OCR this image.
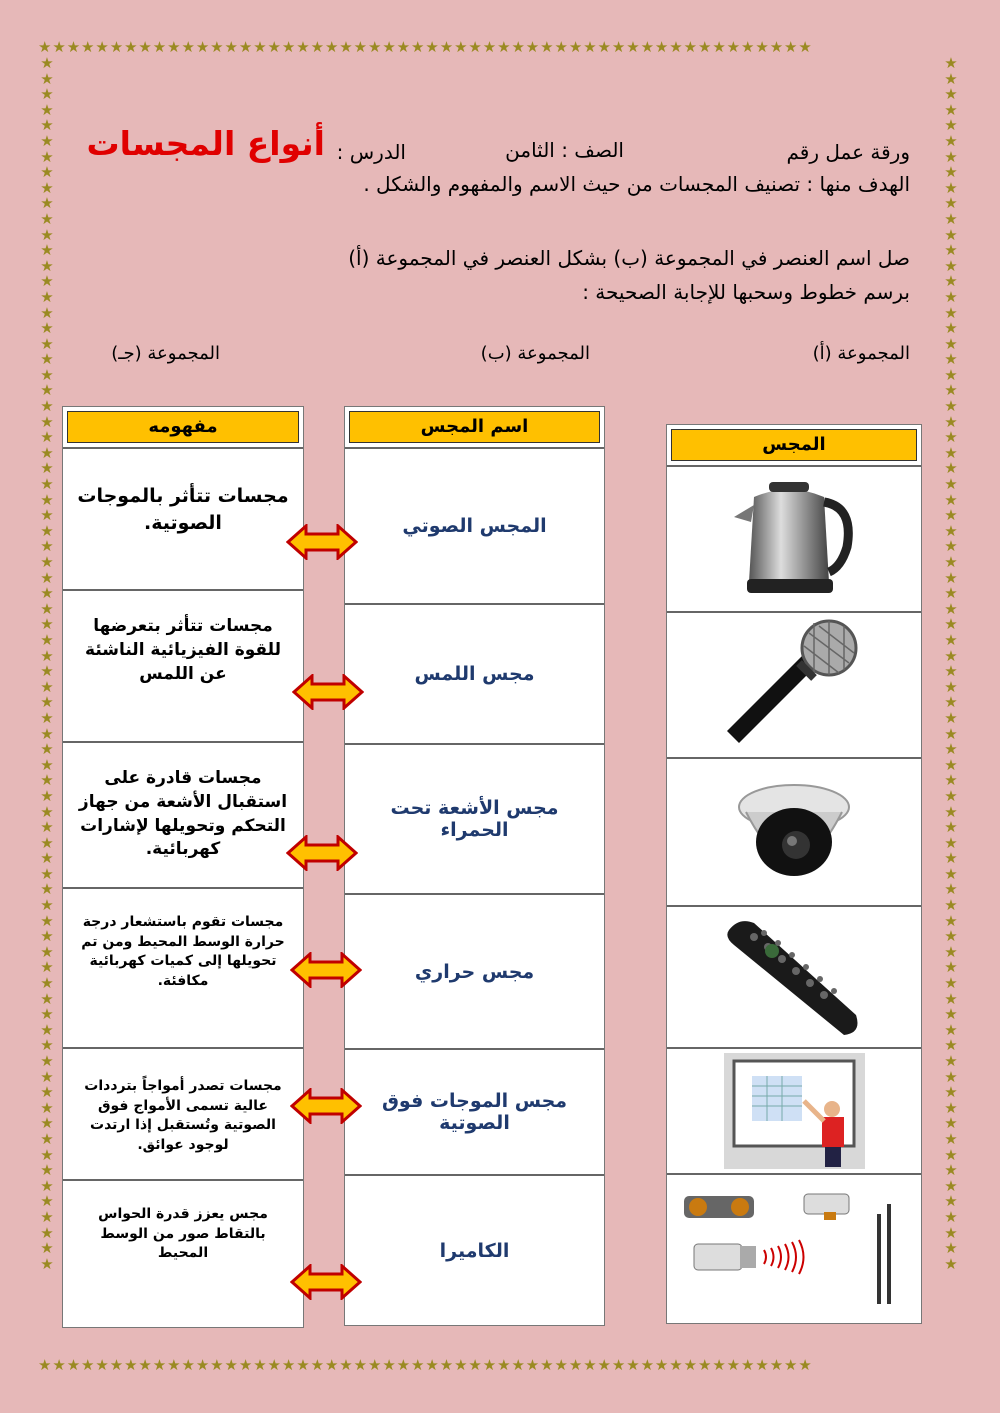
★★★★★★★★★★★★★★★★★★★★★★★★★★★★★★★★★★★★★★★★★★★★★★★★★★★★★★
★★★★★★★★★★★★★★★★★★★★★★★★★★★★★★★★★★★★★★★★★★★★★★★★★★★★★★
★★★★★★★★★★★★★★★★★★★★★★★★★★★★★★★★★★★★★★★★★★★★★★★★★★★★★★★★★★★★★★★★★★★★★★★★★★★★★★
★★★★★★★★★★★★★★★★★★★★★★★★★★★★★★★★★★★★★★★★★★★★★★★★★★★★★★★★★★★★★★★★★★★★★★★★★★★★★★
ورقة عمل رقم
الصف : الثامن
الدرس :
أنواع المجسات
الهدف منها : تصنيف المجسات من حيث الاسم والمفهوم والشكل .
صل اسم العنصر في المجموعة (ب) بشكل العنصر في المجموعة (أ)
برسم خطوط وسحبها للإجابة الصحيحة :
المجموعة (أ)
المجموعة (ب)
المجموعة (جـ)
مفهومه
مجسات تتأثر بالموجات الصوتية.
مجسات تتأثر بتعرضها للقوة الفيزيائية الناشئة عن اللمس
مجسات قادرة على استقبال الأشعة من جهاز التحكم وتحويلها لإشارات كهربائية.
مجسات تقوم باستشعار درجة حرارة الوسط المحيط ومن تم تحويلها إلى كميات كهربائية مكافئة.
مجسات تصدر أمواجاً بترددات عالية تسمى الأمواج فوق الصوتية وتُستقبل إذا ارتدت لوجود عوائق.
مجس يعزز قدرة الحواس بالتقاط صور من الوسط المحيط
اسم المجس
المجس الصوتي
مجس اللمس
مجس الأشعة تحت الحمراء
مجس حراري
مجس الموجات فوق الصوتية
الكاميرا
المجس
